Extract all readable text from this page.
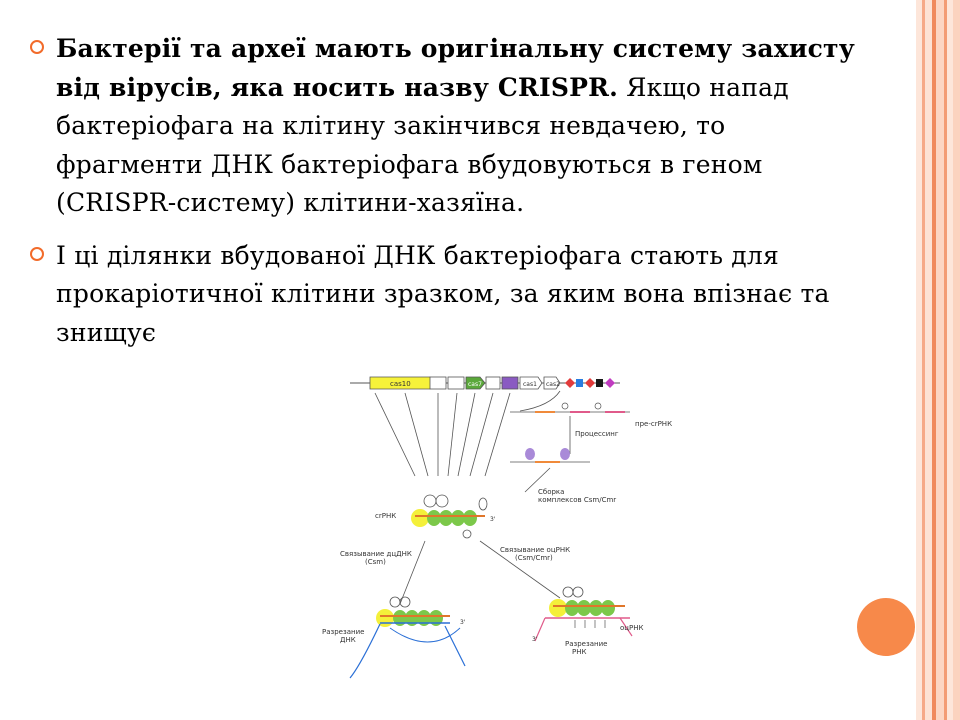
Бактерії та археї мають оригінальну систему захисту від вірусів, яка носить назву CRISPR. Якщо напад бактеріофага на клітину закінчився невдачею, то фрагменти ДНК бактеріофага вбудовуються в геном (CRISPR-систему) клітини-хазяїна.
І ці ділянки вбудованої ДНК бактеріофага стають для прокаріотичної клітини зразком, за яким вона впізнає та знищує
cas10	cas7	cas1 cas2
пре-crРНК
Процессинг
Сборка комплексов Csm/Cmr
crРНК	3'
Связывание дцДНК (Csm)
Связывание оцРНК (Csm/Cmr)
Разрезание ДНК
3'
оцРНК
Разрезание РНК
3'
